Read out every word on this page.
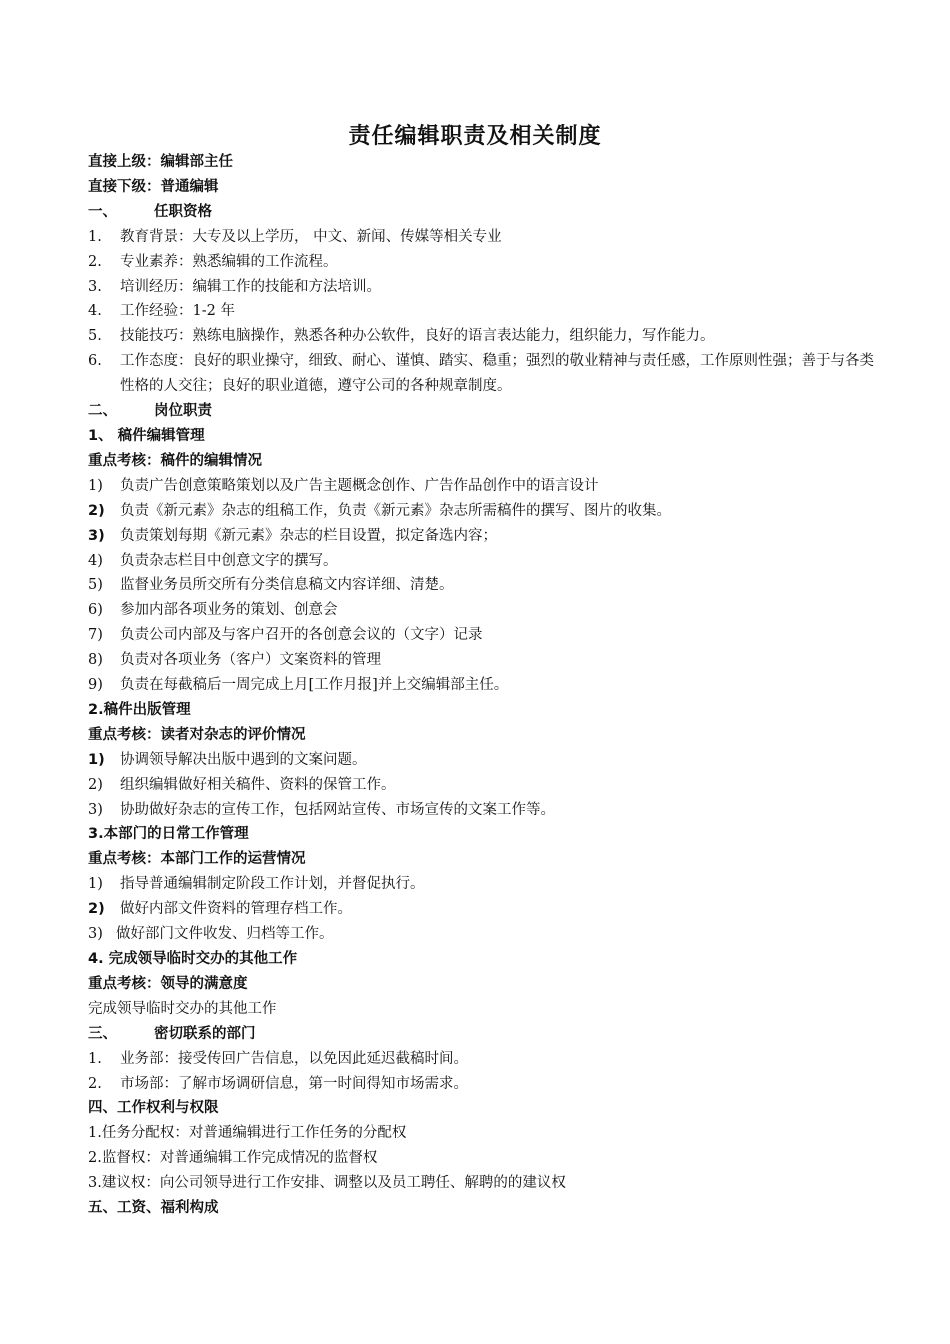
责任编辑职责及相关制度

直接上级：编辑部主任

直接下级：普通编辑

一、	任职资格

1. 教育背景：大专及以上学历， 中文、新闻、传媒等相关专业

2. 专业素养：熟悉编辑的工作流程。

3. 培训经历：编辑工作的技能和方法培训。

4. 工作经验：1-2 年

5. 技能技巧：熟练电脑操作，熟悉各种办公软件，良好的语言表达能力，组织能力，写作能力。

6.	工作态度：良好的职业操守，细致、耐心、谨慎、踏实、稳重；强烈的敬业精神与责任感，工作原则性强；善于与各类性格的人交往；良好的职业道德，遵守公司的各种规章制度。

二、	岗位职责

1、 稿件编辑管理

重点考核：稿件的编辑情况

1) 负责广告创意策略策划以及广告主题概念创作、广告作品创作中的语言设计

2) 负责《新元素》杂志的组稿工作，负责《新元素》杂志所需稿件的撰写、图片的收集。

3) 负责策划每期《新元素》杂志的栏目设置，拟定备选内容；

4) 负责杂志栏目中创意文字的撰写。

5) 监督业务员所交所有分类信息稿文内容详细、清楚。

6) 参加内部各项业务的策划、创意会

7) 负责公司内部及与客户召开的各创意会议的（文字）记录

8) 负责对各项业务（客户）文案资料的管理

9) 负责在每截稿后一周完成上月[工作月报]并上交编辑部主任。

2.稿件出版管理

重点考核：读者对杂志的评价情况

1) 协调领导解决出版中遇到的文案问题。

2) 组织编辑做好相关稿件、资料的保管工作。

3) 协助做好杂志的宣传工作，包括网站宣传、市场宣传的文案工作等。

3.本部门的日常工作管理

重点考核：本部门工作的运营情况

1) 指导普通编辑制定阶段工作计划，并督促执行。

2) 做好内部文件资料的管理存档工作。

3) 做好部门文件收发、归档等工作。

4. 完成领导临时交办的其他工作

重点考核：领导的满意度

完成领导临时交办的其他工作

三、	密切联系的部门

1. 业务部：接受传回广告信息，以免因此延迟截稿时间。

2. 市场部：了解市场调研信息，第一时间得知市场需求。

四、工作权利与权限

1.任务分配权：对普通编辑进行工作任务的分配权

2.监督权：对普通编辑工作完成情况的监督权

3.建议权：向公司领导进行工作安排、调整以及员工聘任、解聘的的建议权

五、工资、福利构成
